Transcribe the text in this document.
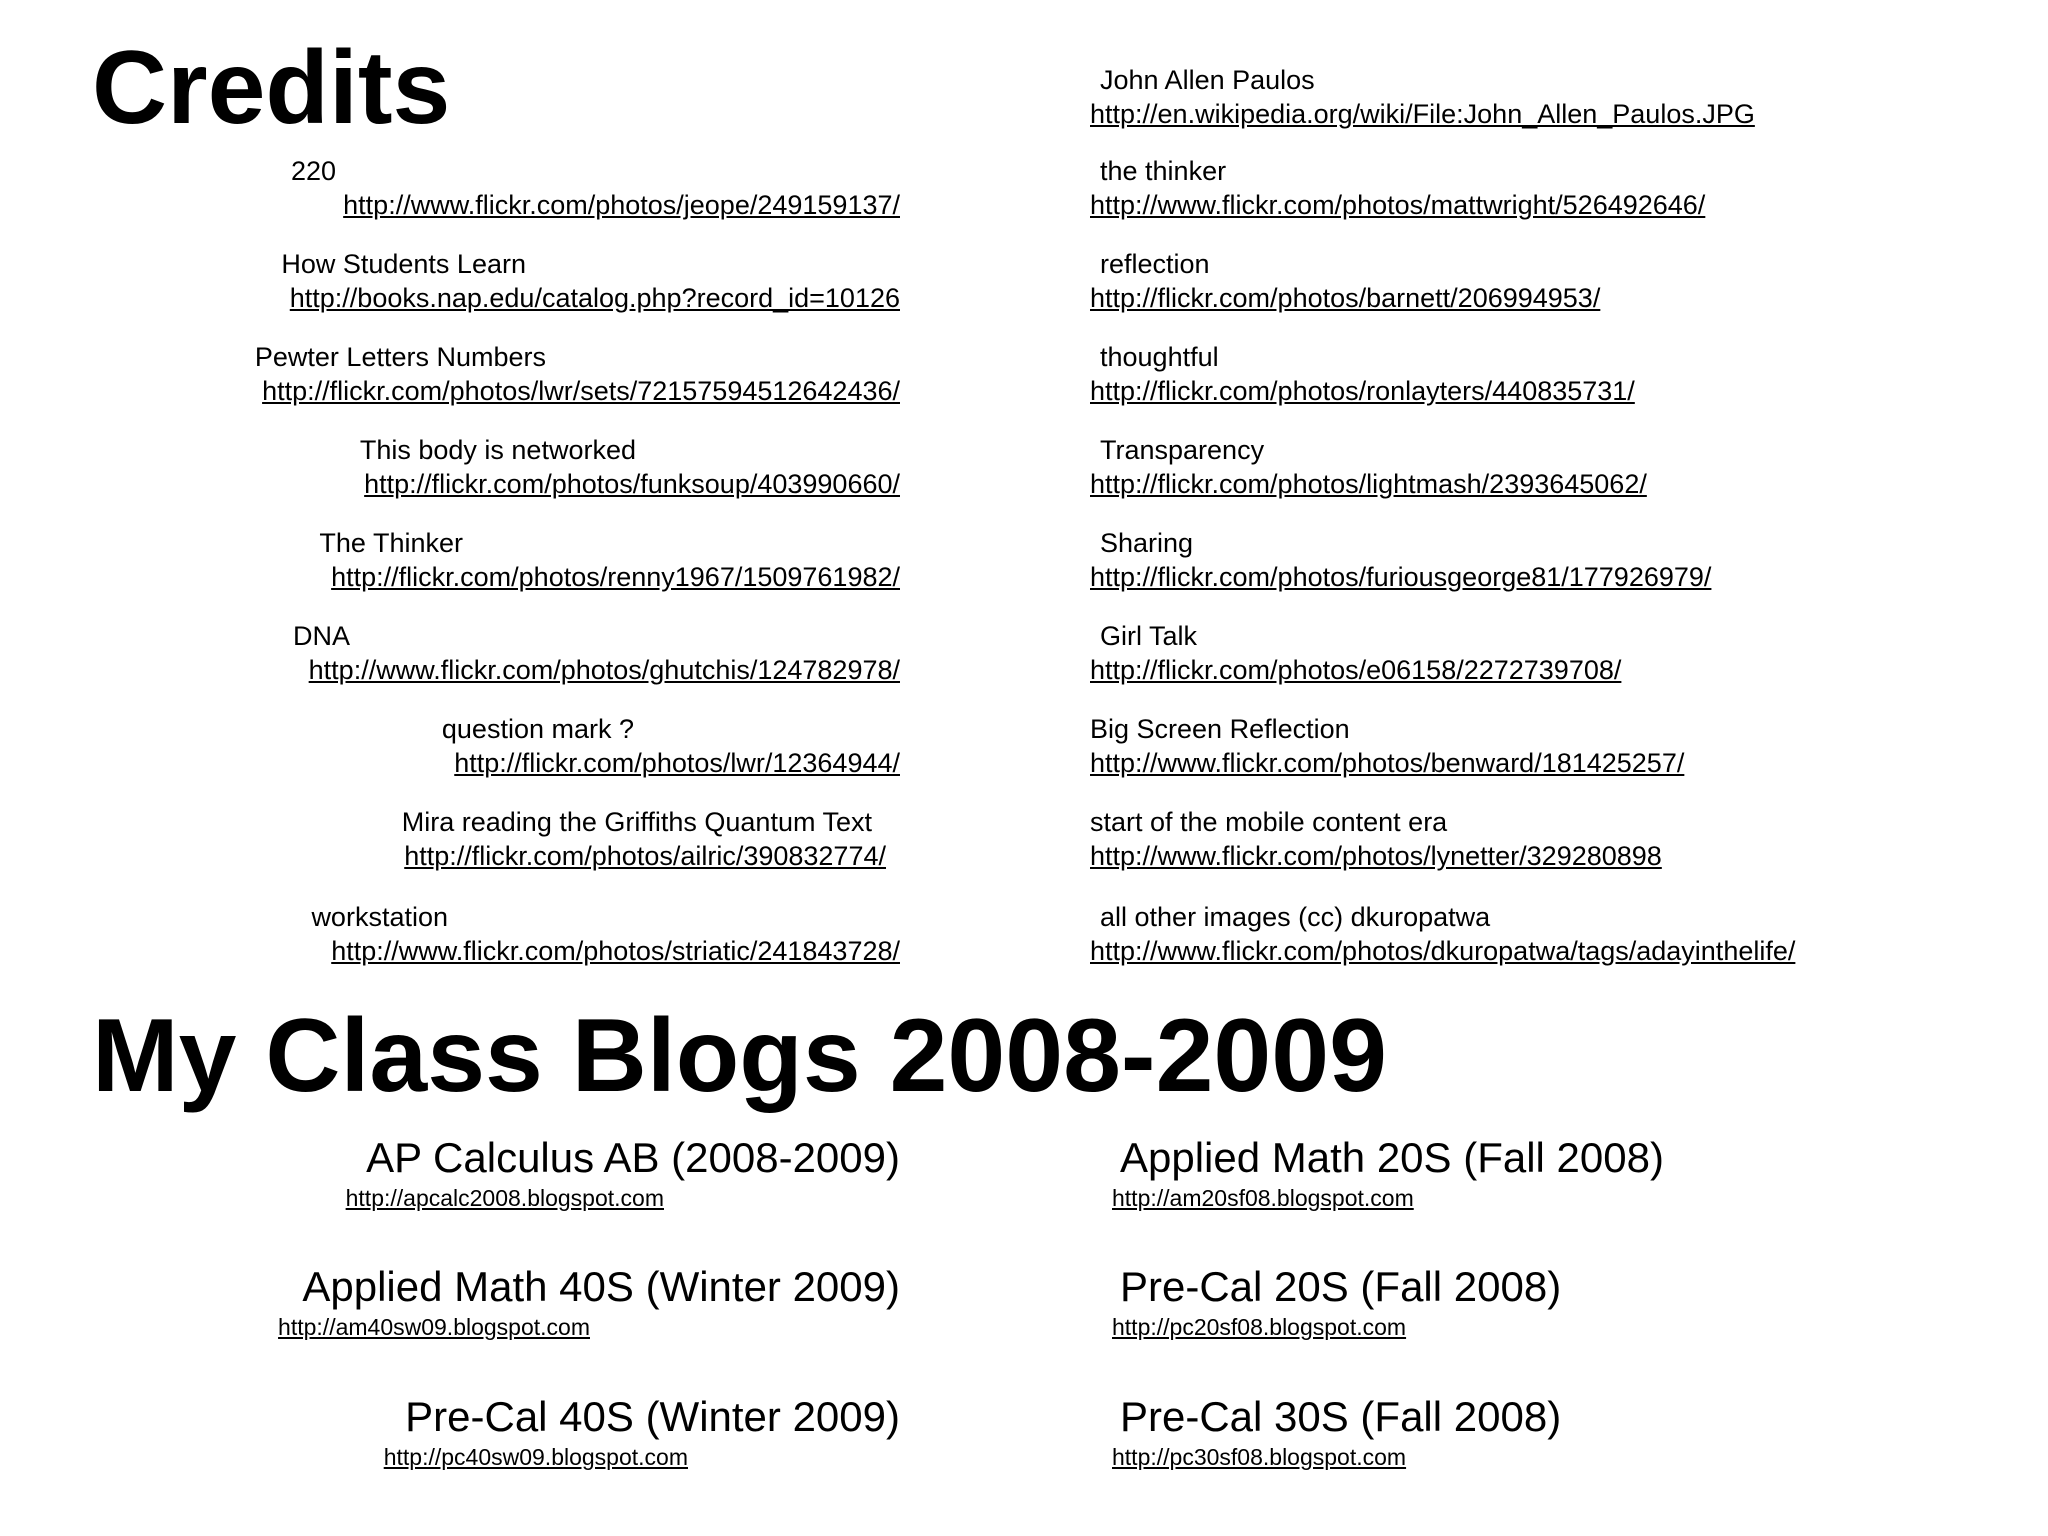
Credits
My Class Blogs 2008-2009
220
http://www.flickr.com/photos/jeope/249159137/
How Students Learn
http://books.nap.edu/catalog.php?record_id=10126
Pewter Letters Numbers
http://flickr.com/photos/lwr/sets/72157594512642436/
This body is networked
http://flickr.com/photos/funksoup/403990660/
The Thinker
http://flickr.com/photos/renny1967/1509761982/
DNA
http://www.flickr.com/photos/ghutchis/124782978/
question mark ?
http://flickr.com/photos/lwr/12364944/
Mira reading the Griffiths Quantum Text
http://flickr.com/photos/ailric/390832774/
workstation
http://www.flickr.com/photos/striatic/241843728/
John Allen Paulos
http://en.wikipedia.org/wiki/File:John_Allen_Paulos.JPG
the thinker
http://www.flickr.com/photos/mattwright/526492646/
reflection
http://flickr.com/photos/barnett/206994953/
thoughtful
http://flickr.com/photos/ronlayters/440835731/
Transparency
http://flickr.com/photos/lightmash/2393645062/
Sharing
http://flickr.com/photos/furiousgeorge81/177926979/
Girl Talk
http://flickr.com/photos/e06158/2272739708/
Big Screen Reflection
http://www.flickr.com/photos/benward/181425257/
start of the mobile content era
http://www.flickr.com/photos/lynetter/329280898
all other images (cc) dkuropatwa
http://www.flickr.com/photos/dkuropatwa/tags/adayinthelife/
AP Calculus AB (2008-2009)
http://apcalc2008.blogspot.com
Applied Math 40S (Winter 2009)
http://am40sw09.blogspot.com
Pre-Cal 40S (Winter 2009)
http://pc40sw09.blogspot.com
Applied Math 20S (Fall 2008)
http://am20sf08.blogspot.com
Pre-Cal 20S (Fall 2008)
http://pc20sf08.blogspot.com
Pre-Cal 30S (Fall 2008)
http://pc30sf08.blogspot.com
